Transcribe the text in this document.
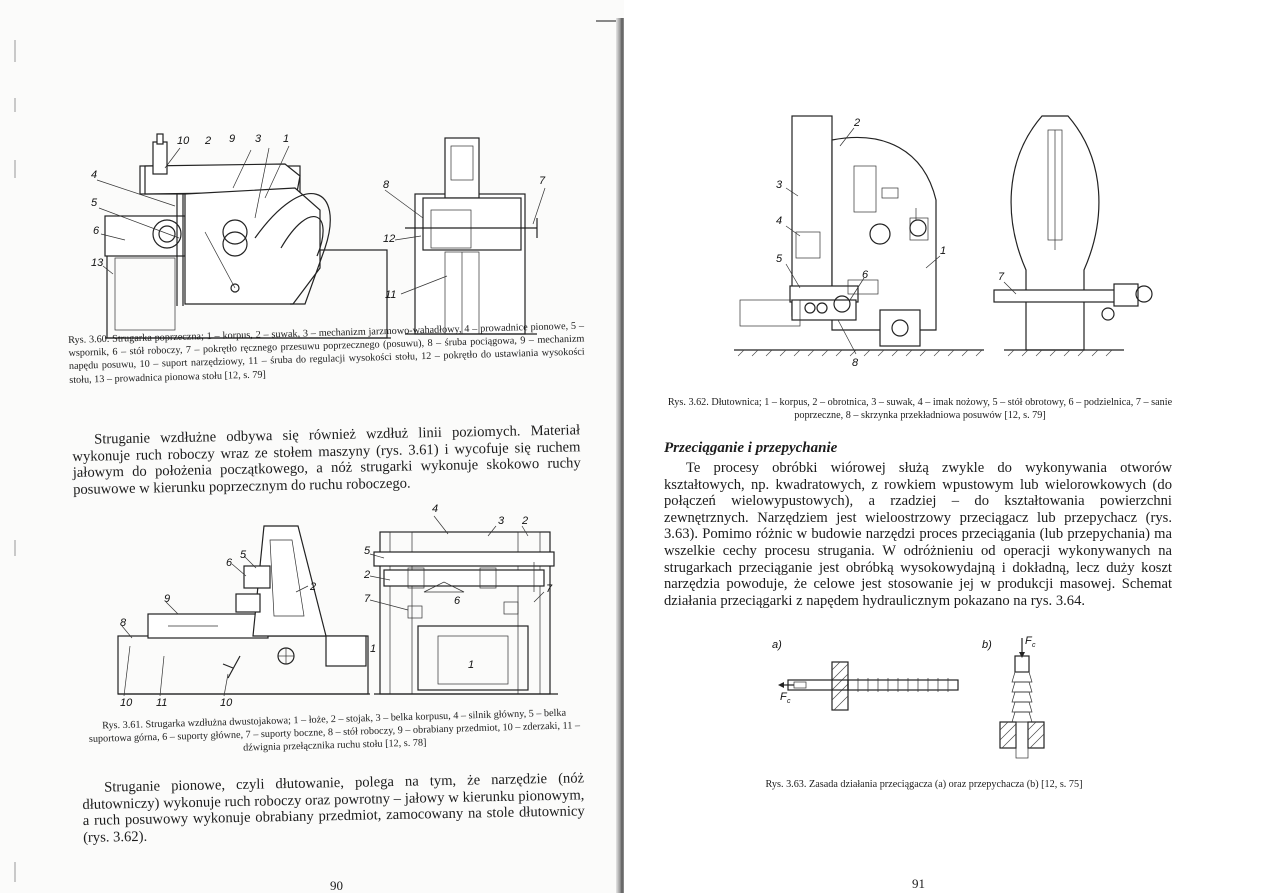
10 2 9 3 1
4
5
6
13
8	7
12
11
Rys. 3.60. Strugarka poprzeczna; 1 – korpus, 2 – suwak, 3 – mechanizm jarzmowo-wahadłowy, 4 – prowadnice pionowe, 5 – wspornik, 6 – stół roboczy, 7 – pokrętło ręcznego przesuwu poprzecznego (posuwu), 8 – śruba pociągowa, 9 – mechanizm napędu posuwu, 10 – suport narzędziowy, 11 – śruba do regulacji wysokości stołu, 12 – pokrętło do ustawiania wysokości stołu, 13 – prowadnica pionowa stołu [12, s. 79]

Struganie wzdłużne odbywa się również wzdłuż linii poziomych. Materiał wykonuje ruch roboczy wraz ze stołem maszyny (rys. 3.61) i wycofuje się ruchem jałowym do położenia początkowego, a nóż strugarki wykonuje skokowo ruchy posuwowe w kierunku poprzecznym do ruchu roboczego.

6
5
2
9
8
10 11	10
4
3 2
5
2
7	6
7
1
1
Rys. 3.61. Strugarka wzdłużna dwustojakowa; 1 – łoże, 2 – stojak, 3 – belka korpusu, 4 – silnik główny, 5 – belka suportowa górna, 6 – suporty główne, 7 – suporty boczne, 8 – stół roboczy, 9 – obrabiany przedmiot, 10 – zderzaki, 11 – dźwignia przełącznika ruchu stołu [12, s. 78]

Struganie pionowe, czyli dłutowanie, polega na tym, że narzędzie (nóż dłutowniczy) wykonuje ruch roboczy oraz powrotny – jałowy w kierunku pionowym, a ruch posuwowy wykonuje obrabiany przedmiot, zamocowany na stole dłutownicy (rys. 3.62).

90
2
3
4
5
6
1
7
8
Rys. 3.62. Dłutownica; 1 – korpus, 2 – obrotnica, 3 – suwak, 4 – imak nożowy, 5 – stół obrotowy, 6 – podzielnica, 7 – sanie poprzeczne, 8 – skrzynka przekładniowa posuwów [12, s. 79]
Przeciąganie i przepychanie

Te procesy obróbki wiórowej służą zwykle do wykonywania otworów kształtowych, np. kwadratowych, z rowkiem wpustowym lub wielorowkowych (do połączeń wielowypustowych), a rzadziej – do kształtowania powierzchni zewnętrznych. Narzędziem jest wieloostrzowy przeciągacz lub przepychacz (rys. 3.63). Pomimo różnic w budowie narzędzi proces przeciągania (lub przepychania) ma wszelkie cechy procesu strugania. W odróżnieniu od operacji wykonywanych na strugarkach przeciąganie jest obróbką wysokowydajną i dokładną, lecz duży koszt narzędzia powoduje, że celowe jest stosowanie jej w produkcji masowej. Schemat działania przeciągarki z napędem hydraulicznym pokazano na rys. 3.64.

a)	b)
F c
F c
Rys. 3.63. Zasada działania przeciągacza (a) oraz przepychacza (b) [12, s. 75]
91
